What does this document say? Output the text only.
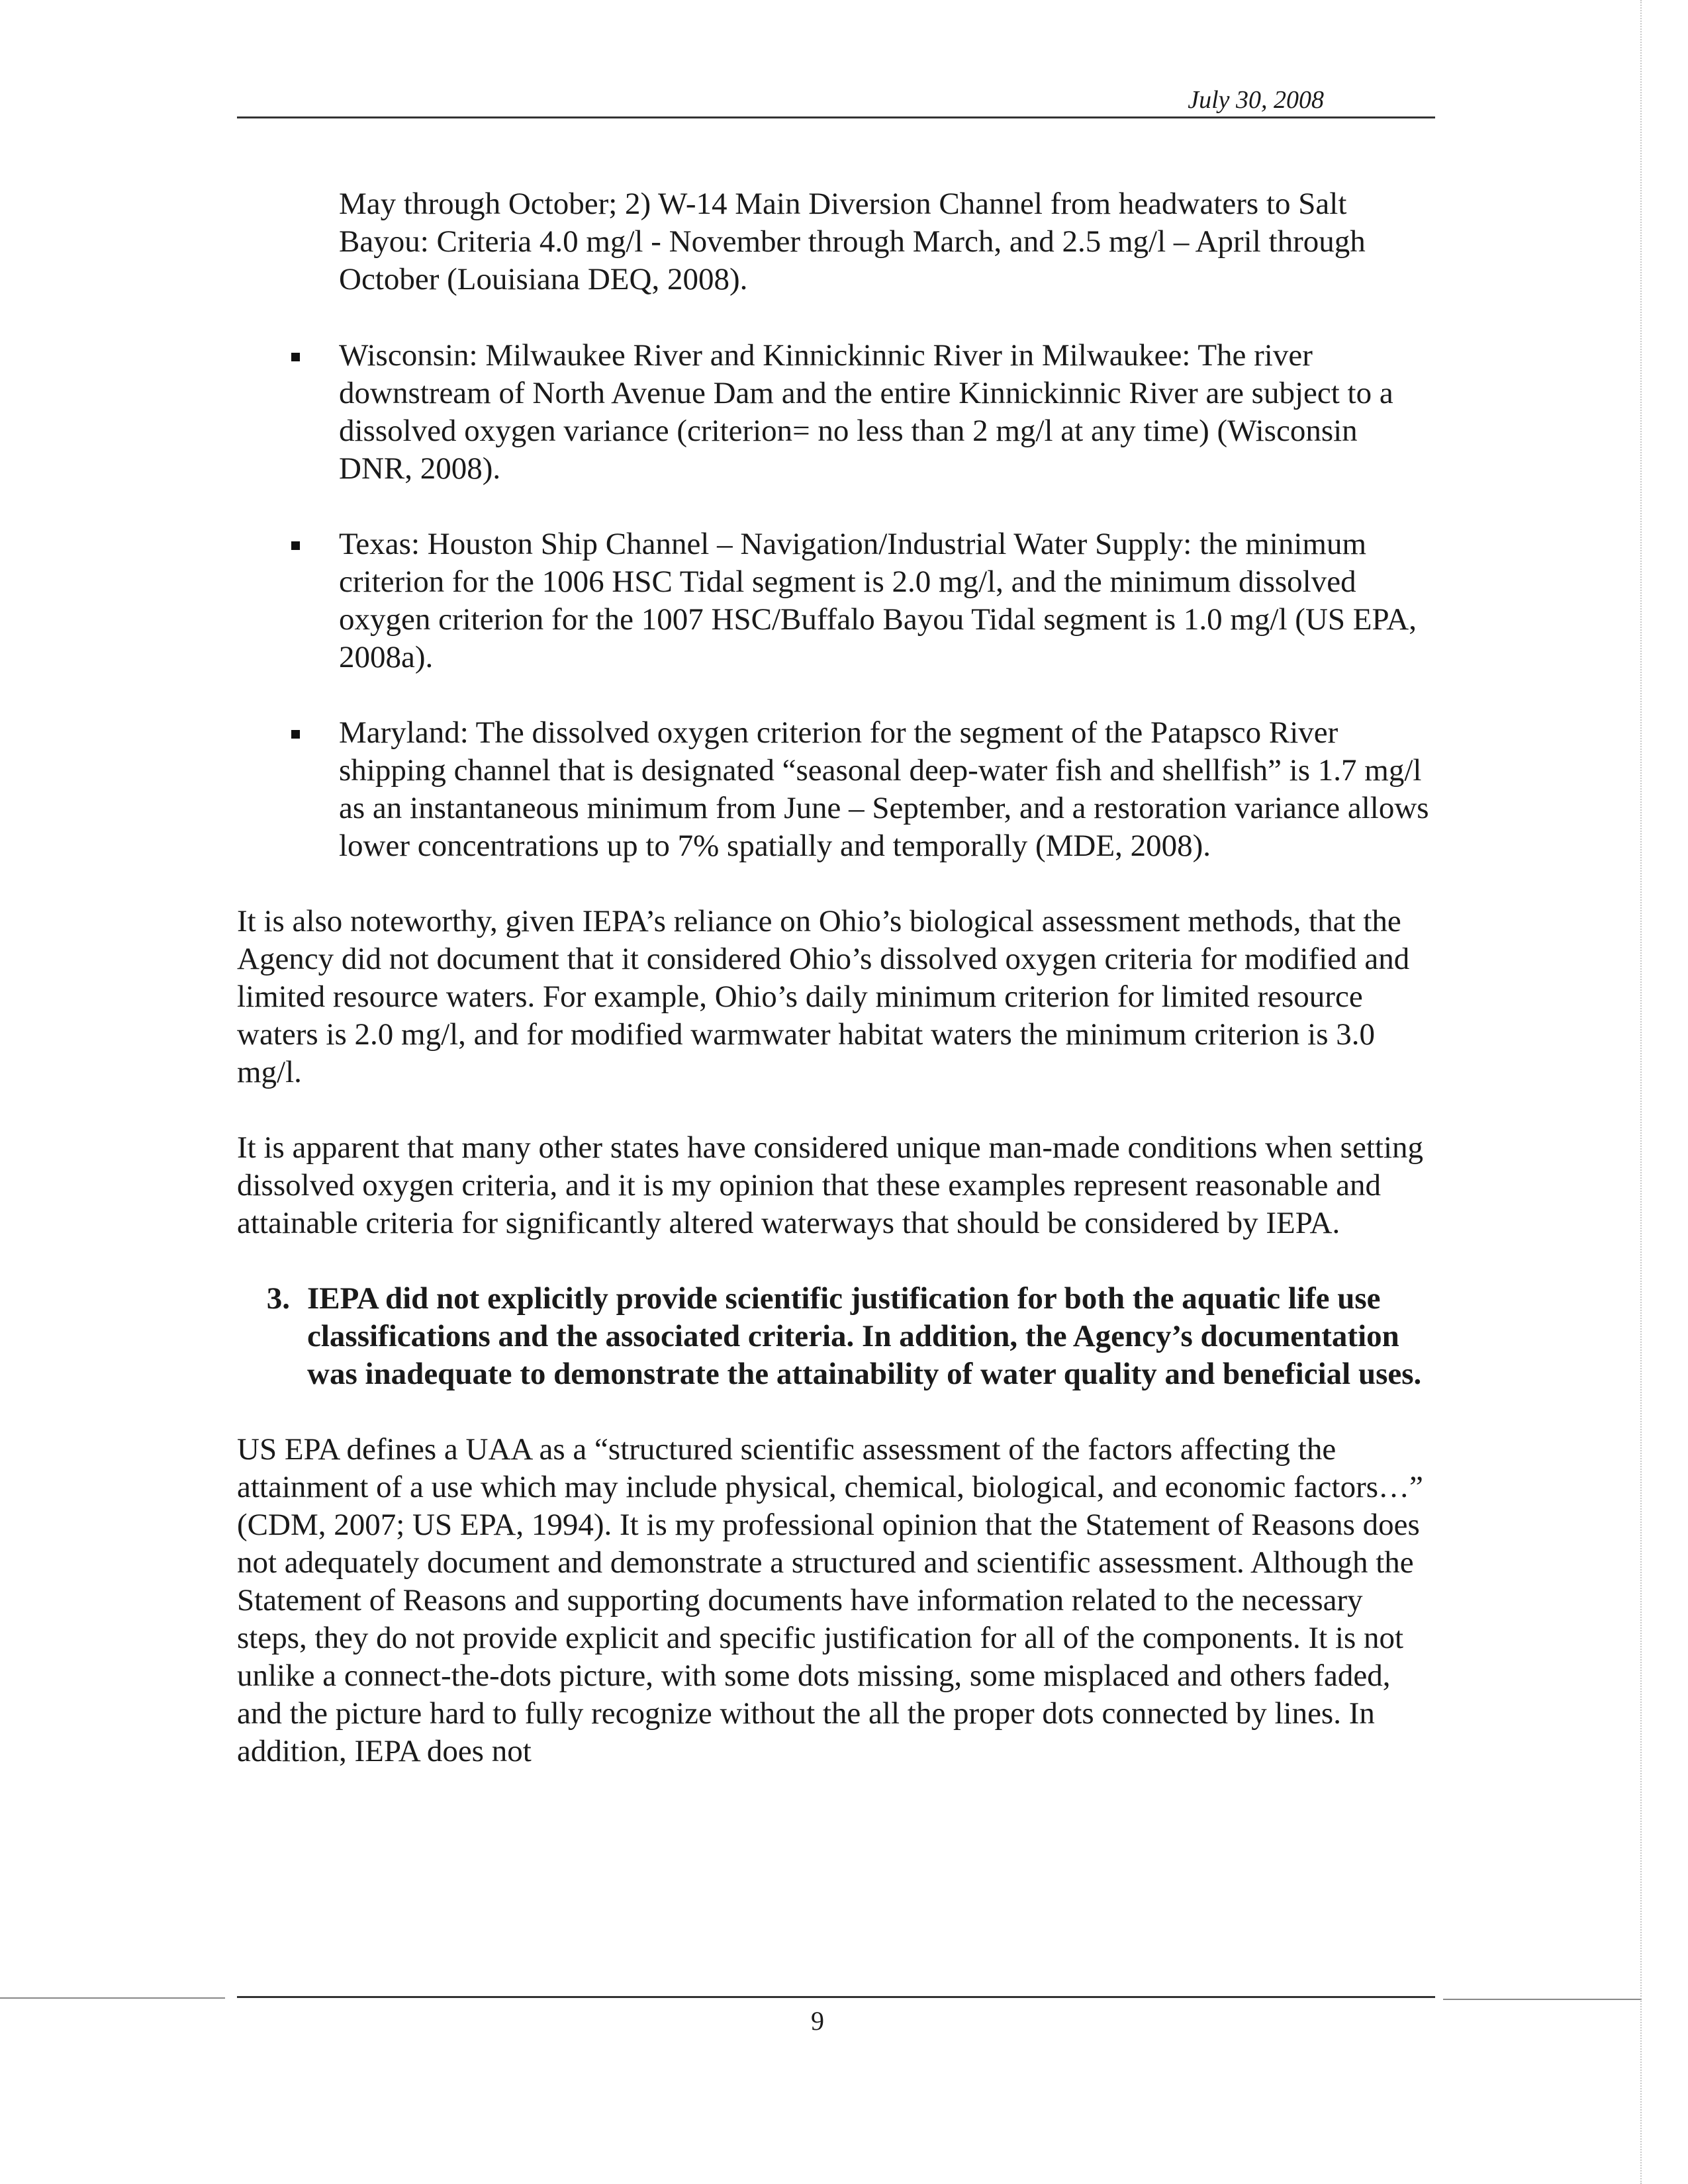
July 30, 2008

May through October; 2) W-14 Main Diversion Channel from headwaters to Salt Bayou: Criteria 4.0 mg/l - November through March, and 2.5 mg/l – April through October (Louisiana DEQ, 2008).

Wisconsin: Milwaukee River and Kinnickinnic River in Milwaukee: The river downstream of North Avenue Dam and the entire Kinnickinnic River are subject to a dissolved oxygen variance (criterion= no less than 2 mg/l at any time) (Wisconsin DNR, 2008).
Texas: Houston Ship Channel – Navigation/Industrial Water Supply: the minimum criterion for the 1006 HSC Tidal segment is 2.0 mg/l, and the minimum dissolved oxygen criterion for the 1007 HSC/Buffalo Bayou Tidal segment is 1.0 mg/l (US EPA, 2008a).
Maryland: The dissolved oxygen criterion for the segment of the Patapsco River shipping channel that is designated “seasonal deep-water fish and shellfish” is 1.7 mg/l as an instantaneous minimum from June – September, and a restoration variance allows lower concentrations up to 7% spatially and temporally (MDE, 2008).

It is also noteworthy, given IEPA’s reliance on Ohio’s biological assessment methods, that the Agency did not document that it considered Ohio’s dissolved oxygen criteria for modified and limited resource waters. For example, Ohio’s daily minimum criterion for limited resource waters is 2.0 mg/l, and for modified warmwater habitat waters the minimum criterion is 3.0 mg/l.

It is apparent that many other states have considered unique man-made conditions when setting dissolved oxygen criteria, and it is my opinion that these examples represent reasonable and attainable criteria for significantly altered waterways that should be considered by IEPA.

3. IEPA did not explicitly provide scientific justification for both the aquatic life use classifications and the associated criteria. In addition, the Agency’s documentation was inadequate to demonstrate the attainability of water quality and beneficial uses.

US EPA defines a UAA as a “structured scientific assessment of the factors affecting the attainment of a use which may include physical, chemical, biological, and economic factors…” (CDM, 2007; US EPA, 1994). It is my professional opinion that the Statement of Reasons does not adequately document and demonstrate a structured and scientific assessment. Although the Statement of Reasons and supporting documents have information related to the necessary steps, they do not provide explicit and specific justification for all of the components. It is not unlike a connect-the-dots picture, with some dots missing, some misplaced and others faded, and the picture hard to fully recognize without the all the proper dots connected by lines. In addition, IEPA does not

9
